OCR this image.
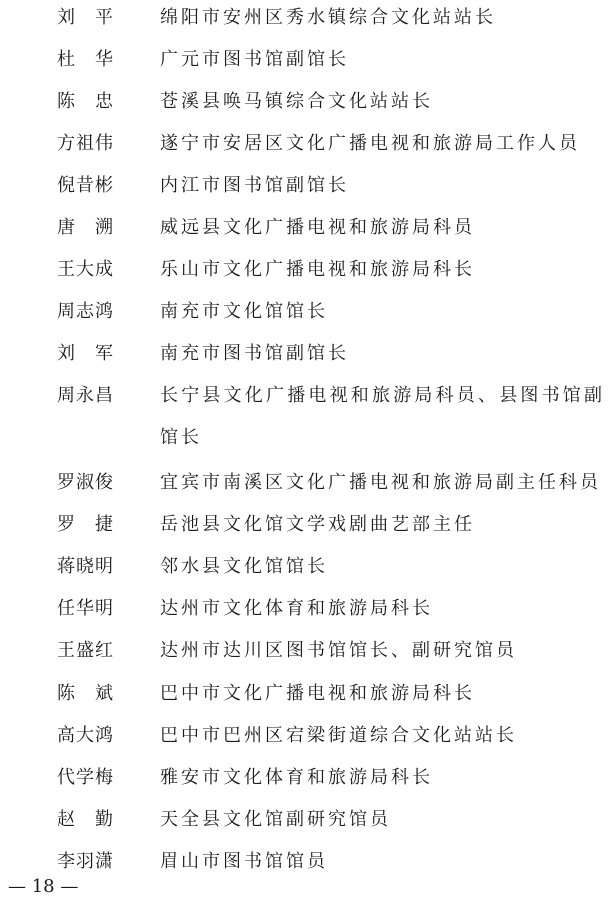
刘　平	绵阳市安州区秀水镇综合文化站站长
杜　华	广元市图书馆副馆长
陈　忠	苍溪县唤马镇综合文化站站长
方祖伟	遂宁市安居区文化广播电视和旅游局工作人员
倪昔彬	内江市图书馆副馆长
唐　溯	威远县文化广播电视和旅游局科员
王大成	乐山市文化广播电视和旅游局科长
周志鸿	南充市文化馆馆长
刘　军	南充市图书馆副馆长
周永昌	长宁县文化广播电视和旅游局科员、县图书馆副馆长
罗淑俊	宜宾市南溪区文化广播电视和旅游局副主任科员
罗　捷	岳池县文化馆文学戏剧曲艺部主任
蒋晓明	邻水县文化馆馆长
任华明	达州市文化体育和旅游局科长
王盛红	达州市达川区图书馆馆长、副研究馆员
陈　斌	巴中市文化广播电视和旅游局科长
高大鸿	巴中市巴州区宕梁街道综合文化站站长
代学梅	雅安市文化体育和旅游局科长
赵　勤	天全县文化馆副研究馆员
李羽潇	眉山市图书馆馆员
— 18 —
